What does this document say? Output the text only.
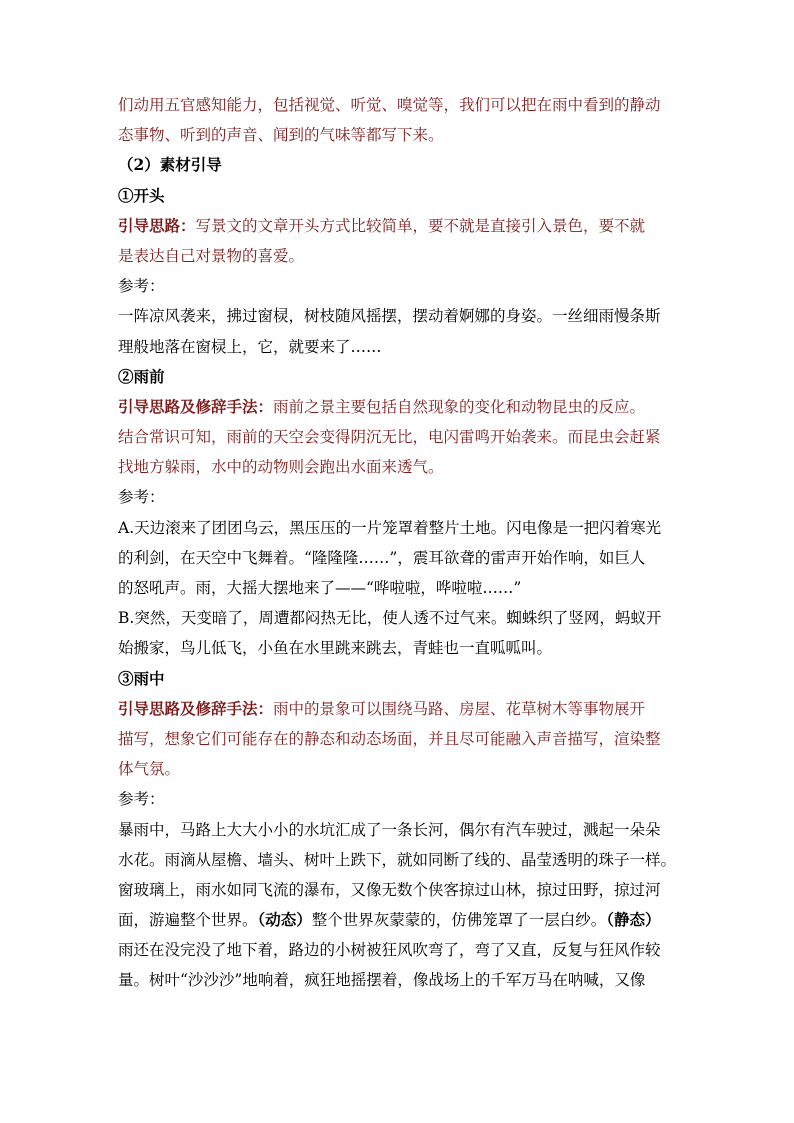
们动用五官感知能力，包括视觉、听觉、嗅觉等，我们可以把在雨中看到的静动
态事物、听到的声音、闻到的气味等都写下来。
（2）素材引导
①开头
引导思路：写景文的文章开头方式比较简单，要不就是直接引入景色，要不就
是表达自己对景物的喜爱。
参考：
一阵凉风袭来，拂过窗棂，树枝随风摇摆，摆动着婀娜的身姿。一丝细雨慢条斯
理般地落在窗棂上，它，就要来了……
②雨前
引导思路及修辞手法：雨前之景主要包括自然现象的变化和动物昆虫的反应。
结合常识可知，雨前的天空会变得阴沉无比，电闪雷鸣开始袭来。而昆虫会赶紧
找地方躲雨，水中的动物则会跑出水面来透气。
参考：
A.天边滚来了团团乌云，黑压压的一片笼罩着整片土地。闪电像是一把闪着寒光
的利剑，在天空中飞舞着。“隆隆隆……”，震耳欲聋的雷声开始作响，如巨人
的怒吼声。雨，大摇大摆地来了——“哗啦啦，哗啦啦……”
B.突然，天变暗了，周遭都闷热无比，使人透不过气来。蜘蛛织了竖网，蚂蚁开
始搬家，鸟儿低飞，小鱼在水里跳来跳去，青蛙也一直呱呱叫。
③雨中
引导思路及修辞手法：雨中的景象可以围绕马路、房屋、花草树木等事物展开
描写，想象它们可能存在的静态和动态场面，并且尽可能融入声音描写，渲染整
体气氛。
参考：
暴雨中，马路上大大小小的水坑汇成了一条长河，偶尔有汽车驶过，溅起一朵朵
水花。雨滴从屋檐、墙头、树叶上跌下，就如同断了线的、晶莹透明的珠子一样。
窗玻璃上，雨水如同飞流的瀑布，又像无数个侠客掠过山林，掠过田野，掠过河
面，游遍整个世界。（动态）整个世界灰蒙蒙的，仿佛笼罩了一层白纱。（静态）
雨还在没完没了地下着，路边的小树被狂风吹弯了，弯了又直，反复与狂风作较
量。树叶“沙沙沙”地响着，疯狂地摇摆着，像战场上的千军万马在呐喊，又像
